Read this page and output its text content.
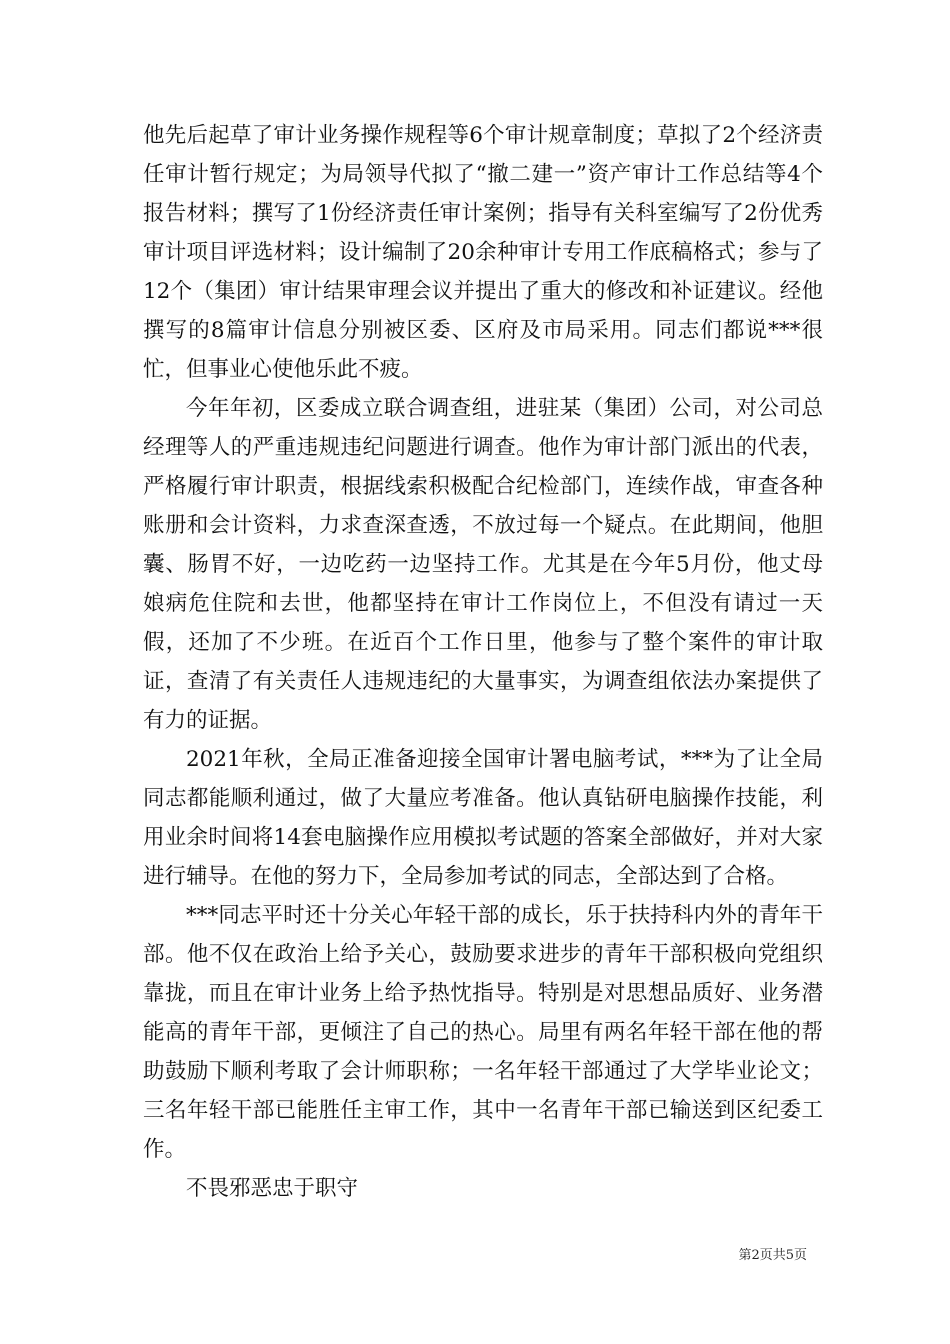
他先后起草了审计业务操作规程等6个审计规章制度；草拟了2个经济责任审计暂行规定；为局领导代拟了“撤二建一”资产审计工作总结等4个报告材料；撰写了1份经济责任审计案例；指导有关科室编写了2份优秀审计项目评选材料；设计编制了20余种审计专用工作底稿格式；参与了12个（集团）审计结果审理会议并提出了重大的修改和补证建议。经他撰写的8篇审计信息分别被区委、区府及市局采用。同志们都说***很忙，但事业心使他乐此不疲。

今年年初，区委成立联合调查组，进驻某（集团）公司，对公司总经理等人的严重违规违纪问题进行调查。他作为审计部门派出的代表，严格履行审计职责，根据线索积极配合纪检部门，连续作战，审查各种账册和会计资料，力求查深查透，不放过每一个疑点。在此期间，他胆囊、肠胃不好，一边吃药一边坚持工作。尤其是在今年5月份，他丈母娘病危住院和去世，他都坚持在审计工作岗位上，不但没有请过一天假，还加了不少班。在近百个工作日里，他参与了整个案件的审计取证，查清了有关责任人违规违纪的大量事实，为调查组依法办案提供了有力的证据。

2021年秋，全局正准备迎接全国审计署电脑考试，***为了让全局同志都能顺利通过，做了大量应考准备。他认真钻研电脑操作技能，利用业余时间将14套电脑操作应用模拟考试题的答案全部做好，并对大家进行辅导。在他的努力下，全局参加考试的同志，全部达到了合格。

***同志平时还十分关心年轻干部的成长，乐于扶持科内外的青年干部。他不仅在政治上给予关心，鼓励要求进步的青年干部积极向党组织靠拢，而且在审计业务上给予热忱指导。特别是对思想品质好、业务潜能高的青年干部，更倾注了自己的热心。局里有两名年轻干部在他的帮助鼓励下顺利考取了会计师职称；一名年轻干部通过了大学毕业论文；三名年轻干部已能胜任主审工作，其中一名青年干部已输送到区纪委工作。

不畏邪恶忠于职守

第2页共5页
